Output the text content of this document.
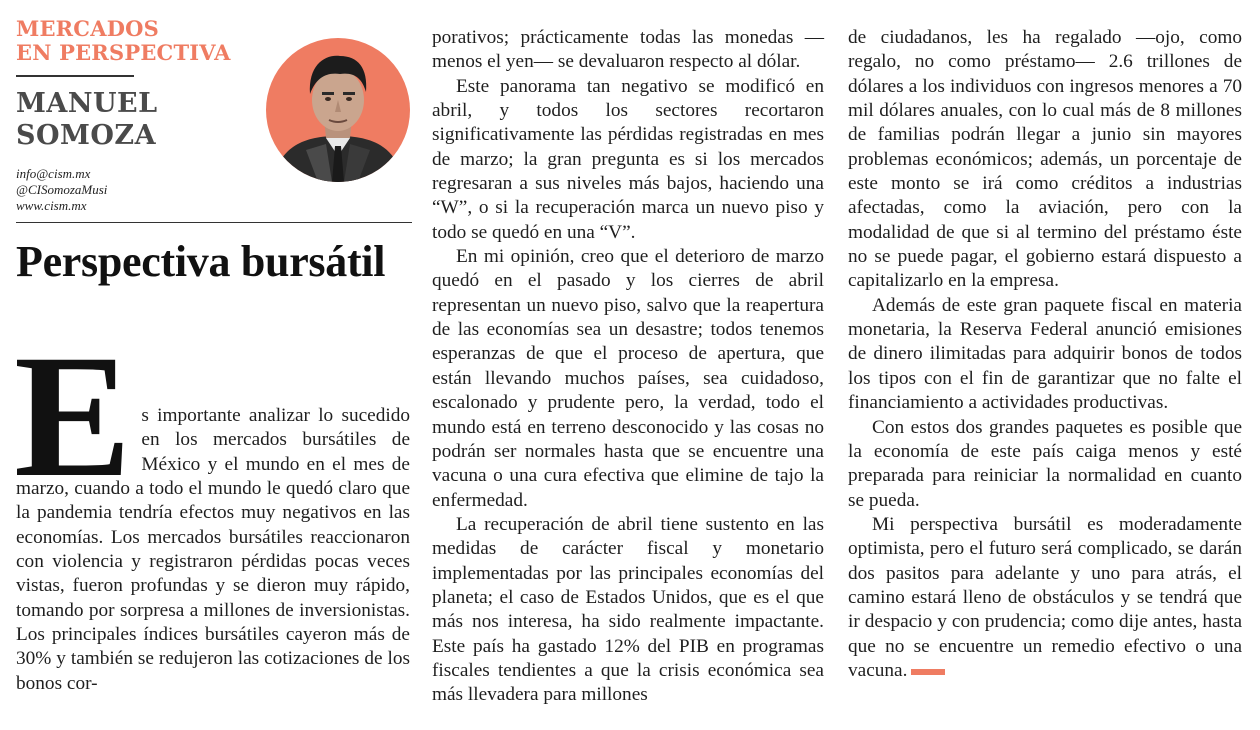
MERCADOS
EN PERSPECTIVA
MANUEL
SOMOZA
info@cism.mx
@CISomozaMusi
www.cism.mx
Perspectiva bursátil
E s importante analizar lo sucedido en los mercados bursátiles de México y el mundo en el mes de marzo, cuando a todo el mundo le quedó claro que la pandemia tendría efectos muy negativos en las economías. Los mercados bursátiles reaccionaron con violencia y registraron pérdidas pocas veces vistas, fueron profundas y se dieron muy rápido, tomando por sorpresa a millones de inversionistas. Los principales índices bursátiles cayeron más de 30% y también se redujeron las cotizaciones de los bonos cor-

porativos; prácticamente todas las monedas —menos el yen— se devaluaron respecto al dólar.

Este panorama tan negativo se modificó en abril, y todos los sectores recortaron significativamente las pérdidas registradas en mes de marzo; la gran pregunta es si los mercados regresaran a sus niveles más bajos, haciendo una “W”, o si la recuperación marca un nuevo piso y todo se quedó en una “V”.

En mi opinión, creo que el deterioro de marzo quedó en el pasado y los cierres de abril representan un nuevo piso, salvo que la reapertura de las economías sea un desastre; todos tenemos esperanzas de que el proceso de apertura, que están llevando muchos países, sea cuidadoso, escalonado y prudente pero, la verdad, todo el mundo está en terreno desconocido y las cosas no podrán ser normales hasta que se encuentre una vacuna o una cura efectiva que elimine de tajo la enfermedad.

La recuperación de abril tiene sustento en las medidas de carácter fiscal y monetario implementadas por las principales economías del planeta; el caso de Estados Unidos, que es el que más nos interesa, ha sido realmente impactante. Este país ha gastado 12% del PIB en programas fiscales tendientes a que la crisis económica sea más llevadera para millones

de ciudadanos, les ha regalado —ojo, como regalo, no como préstamo— 2.6 trillones de dólares a los individuos con ingresos menores a 70 mil dólares anuales, con lo cual más de 8 millones de familias podrán llegar a junio sin mayores problemas económicos; además, un porcentaje de este monto se irá como créditos a industrias afectadas, como la aviación, pero con la modalidad de que si al termino del préstamo éste no se puede pagar, el gobierno estará dispuesto a capitalizarlo en la empresa.

Además de este gran paquete fiscal en materia monetaria, la Reserva Federal anunció emisiones de dinero ilimitadas para adquirir bonos de todos los tipos con el fin de garantizar que no falte el financiamiento a actividades productivas.

Con estos dos grandes paquetes es posible que la economía de este país caiga menos y esté preparada para reiniciar la normalidad en cuanto se pueda.

Mi perspectiva bursátil es moderadamente optimista, pero el futuro será complicado, se darán dos pasitos para adelante y uno para atrás, el camino estará lleno de obstáculos y se tendrá que ir despacio y con prudencia; como dije antes, hasta que no se encuentre un remedio efectivo o una vacuna.
